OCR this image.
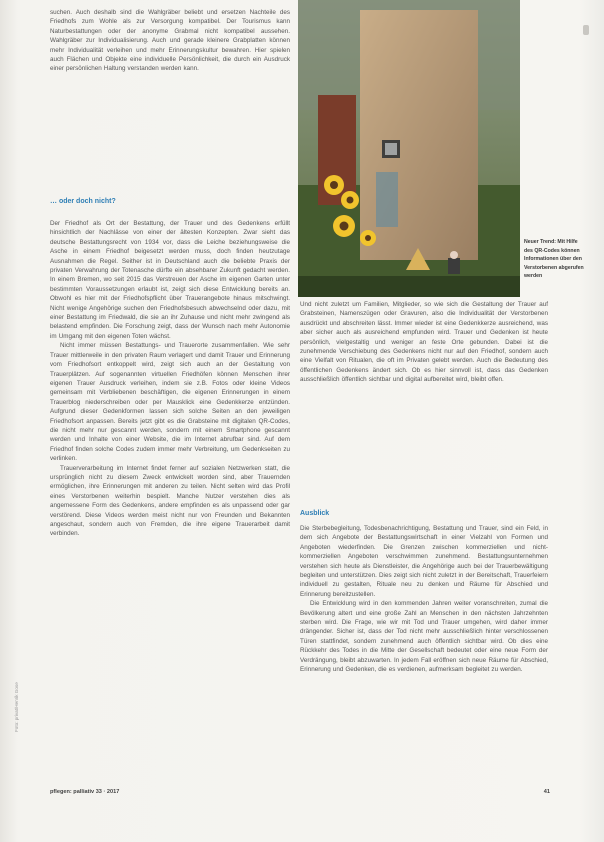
suchen. Auch deshalb sind die Wahlgräber beliebt und ersetzen Nachteile des Friedhofs zum Wohle als zur Versorgung kompatibel. Der Tourismus kann Naturbestattungen oder der anonyme Grabmal nicht kompatibel aussehen. Wahlgräber zur Individualisierung. Auch und gerade kleinere Grabplatten können mehr Individualität verleihen und mehr Erinnerungskultur bewahren. Hier spielen auch Flächen und Objekte eine individuelle Persönlichkeit, die durch ein Ausdruck einer persönlichen Haltung verstanden werden kann.

… oder doch nicht?

Der Friedhof als Ort der Bestattung, der Trauer und des Gedenkens erfüllt hinsichtlich der Nachlässe von einer der ältesten Konzepten. Zwar sieht das deutsche Bestattungsrecht von 1934 vor, dass die Leiche beziehungsweise die Asche in einem Friedhof beigesetzt werden muss, doch finden heutzutage Ausnahmen die Regel. Seither ist in Deutschland auch die beliebte Praxis der privaten Verwahrung der Totenasche dürfte ein absehbarer Zukunft gedacht werden. In einem Bremen, wo seit 2015 das Verstreuen der Asche im eigenen Garten unter bestimmten Voraussetzungen erlaubt ist, zeigt sich diese Entwicklung bereits an. Obwohl es hier mit der Friedhofspflicht über Trauerangebote hinaus mitschwingt. Nicht wenige Angehörige suchen den Friedhofsbesuch abwechselnd oder dazu, mit einer Bestattung im Friedwald, die sie an ihr Zuhause und nicht mehr zwingend als belastend empfinden. Die Forschung zeigt, dass der Wunsch nach mehr Autonomie im Umgang mit den eigenen Toten wächst.

Nicht immer müssen Bestattungs- und Trauerorte zusammenfallen. Wie sehr Trauer mittlerweile in den privaten Raum verlagert und damit Trauer und Erinnerung vom Friedhofsort entkoppelt wird, zeigt sich auch an der Gestaltung von Trauerplätzen. Auf sogenannten virtuellen Friedhöfen können Menschen ihrer eigenen Trauer Ausdruck verleihen, indem sie z.B. Fotos oder kleine Videos gemeinsam mit Verbliebenen beschäftigen, die eigenen Erinnerungen in einem Trauerblog niederschreiben oder per Mausklick eine Gedenkkerze entzünden. Aufgrund dieser Gedenkformen lassen sich solche Seiten an den jeweiligen Friedhofsort anpassen. Bereits jetzt gibt es die Grabsteine mit digitalen QR-Codes, die nicht mehr nur gescannt werden, sondern mit einem Smartphone gescannt werden und Inhalte von einer Website, die im Internet abrufbar sind. Auf dem Friedhof finden solche Codes zudem immer mehr Verbreitung, um Gedenkseiten zu verlinken.

Trauerverarbeitung im Internet findet ferner auf sozialen Netzwerken statt, die ursprünglich nicht zu diesem Zweck entwickelt worden sind, aber Trauernden ermöglichen, ihre Erinnerungen mit anderen zu teilen. Nicht selten wird das Profil eines Verstorbenen weiterhin bespielt. Manche Nutzer verstehen dies als angemessene Form des Gedenkens, andere empfinden es als unpassend oder gar verstörend. Diese Videos werden meist nicht nur von Freunden und Bekannten angeschaut, sondern auch von Fremden, die ihre eigene Trauerarbeit damit verbinden.

Neuer Trend: Mit Hilfe des QR-Codes können Informationen über den Verstorbenen abgerufen werden

Und nicht zuletzt um Familien, Mitglieder, so wie sich die Gestaltung der Trauer auf Grabsteinen, Namenszügen oder Gravuren, also die Individualität der Verstorbenen ausdrückt und abschreiten lässt. Immer wieder ist eine Gedenkkerze ausreichend, was aber sicher auch als ausreichend empfunden wird. Trauer und Gedenken ist heute persönlich, vielgestaltig und weniger an feste Orte gebunden. Dabei ist die zunehmende Verschiebung des Gedenkens nicht nur auf den Friedhof, sondern auch eine Vielfalt von Ritualen, die oft im Privaten gelebt werden. Auch die Bedeutung des öffentlichen Gedenkens ändert sich. Ob es hier sinnvoll ist, dass das Gedenken ausschließlich öffentlich sichtbar und digital aufbereitet wird, bleibt offen.

Ausblick

Die Sterbebegleitung, Todesbenachrichtigung, Bestattung und Trauer, sind ein Feld, in dem sich Angebote der Bestattungswirtschaft in einer Vielzahl von Formen und Angeboten wiederfinden. Die Grenzen zwischen kommerziellen und nicht-kommerziellen Angeboten verschwimmen zunehmend. Bestattungsunternehmen verstehen sich heute als Dienstleister, die Angehörige auch bei der Trauerbewältigung begleiten und unterstützen. Dies zeigt sich nicht zuletzt in der Bereitschaft, Trauerfeiern individuell zu gestalten, Rituale neu zu denken und Räume für Abschied und Erinnerung bereitzustellen.

Die Entwicklung wird in den kommenden Jahren weiter voranschreiten, zumal die Bevölkerung altert und eine große Zahl an Menschen in den nächsten Jahrzehnten sterben wird. Die Frage, wie wir mit Tod und Trauer umgehen, wird daher immer drängender. Sicher ist, dass der Tod nicht mehr ausschließlich hinter verschlossenen Türen stattfindet, sondern zunehmend auch öffentlich sichtbar wird. Ob dies eine Rückkehr des Todes in die Mitte der Gesellschaft bedeutet oder eine neue Form der Verdrängung, bleibt abzuwarten. In jedem Fall eröffnen sich neue Räume für Abschied, Erinnerung und Gedenken, die es verdienen, aufmerksam begleitet zu werden.

Foto: privat/Henrik Gose
pflegen: palliativ 33 · 2017	41
